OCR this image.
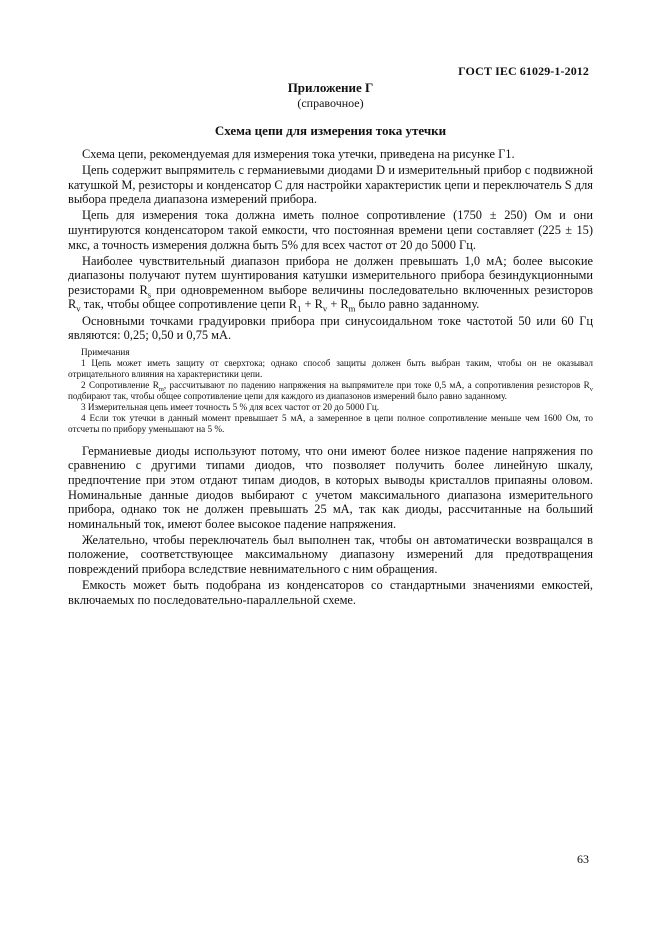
ГОСТ IEC 61029-1-2012
Приложение Г
(справочное)
Схема цепи для измерения тока утечки

Схема цепи, рекомендуемая для измерения тока утечки, приведена на рисунке Г1.

Цепь содержит выпрямитель с германиевыми диодами D и измерительный прибор с подвижной катушкой М, резисторы и конденсатор С для настройки характеристик цепи и переключатель S для выбора предела диапазона измерений прибора.

Цепь для измерения тока должна иметь полное сопротивление (1750 ± 250) Ом и они шунтируются конденсатором такой емкости, что постоянная времени цепи составляет (225 ± 15) мкс, а точность измерения должна быть 5% для всех частот от 20 до 5000 Гц.

Наиболее чувствительный диапазон прибора не должен превышать 1,0 мА; более высокие диапазоны получают путем шунтирования катушки измерительного прибора безиндукционными резисторами $R_s$ при одновременном выборе величины последовательно включенных резисторов $R_v$ так, чтобы общее сопротивление цепи $R_1 + R_v + R_m$ было равно заданному.

Основными точками градуировки прибора при синусоидальном токе частотой 50 или 60 Гц являются: 0,25; 0,50 и 0,75 мА.

Примечания

1 Цепь может иметь защиту от сверхтока; однако способ защиты должен быть выбран таким, чтобы он не оказывал отрицательного влияния на характеристики цепи.

2 Сопротивление $R_m$, рассчитывают по падению напряжения на выпрямителе при токе 0,5 мА, а сопротивления резисторов $R_v$ подбирают так, чтобы общее сопротивление цепи для каждого из диапазонов измерений было равно заданному.

3 Измерительная цепь имеет точность 5 % для всех частот от 20 до 5000 Гц.

4 Если ток утечки в данный момент превышает 5 мА, а замеренное в цепи полное сопротивление меньше чем 1600 Ом, то отсчеты по прибору уменьшают на 5 %.

Германиевые диоды используют потому, что они имеют более низкое падение напряжения по сравнению с другими типами диодов, что позволяет получить более линейную шкалу, предпочтение при этом отдают типам диодов, в которых выводы кристаллов припаяны оловом. Номинальные данные диодов выбирают с учетом максимального диапазона измерительного прибора, однако ток не должен превышать 25 мА, так как диоды, рассчитанные на больший номинальный ток, имеют более высокое падение напряжения.

Желательно, чтобы переключатель был выполнен так, чтобы он автоматически возвращался в положение, соответствующее максимальному диапазону измерений для предотвращения повреждений прибора вследствие невнимательного с ним обращения.

Емкость может быть подобрана из конденсаторов со стандартными значениями емкостей, включаемых по последовательно-параллельной схеме.

63
